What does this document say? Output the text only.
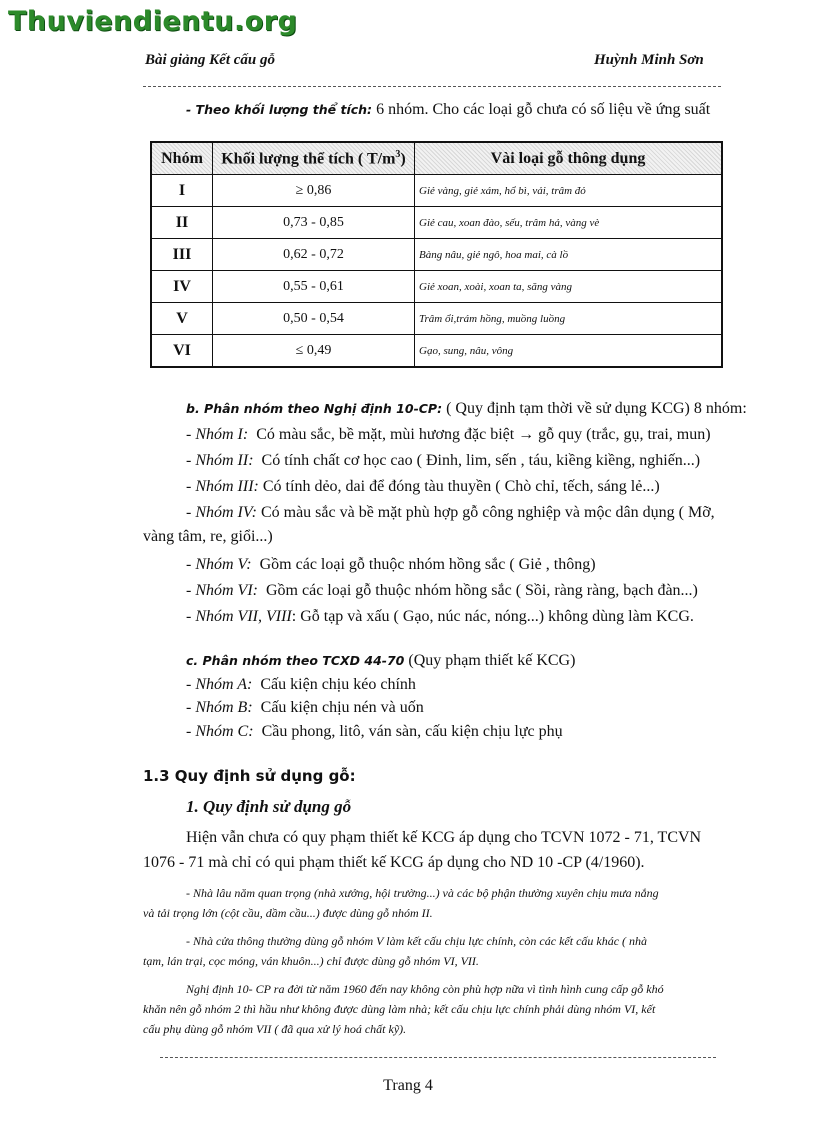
Thuviendientu.org
Bài giảng Kết cấu gỗ	Huỳnh Minh Sơn
- Theo khối lượng thể tích: 6 nhóm. Cho các loại gỗ chưa có số liệu về ứng suất
Nhóm	Khối lượng thể tích ( $T/m^3$)	Vài loại gỗ thông dụng
I	≥ 0,86	Giẻ vàng, giẻ xám, hổ bì, vải, trâm đỏ
II	0,73 - 0,85	Giẻ cau, xoan đào, sếu, trâm hả, vàng vè
III	0,62 - 0,72	Bàng nâu, giẻ ngô, hoa mai, cà lồ
IV	0,55 - 0,61	Giẻ xoan, xoài, xoan ta, săng vàng
V	0,50 - 0,54	Trâm ổi,trám hồng, muồng luồng
VI	≤ 0,49	Gạo, sung, nâu, vông
b. Phân nhóm theo Nghị định 10-CP: ( Quy định tạm thời về sử dụng KCG) 8 nhóm:
- Nhóm I: Có màu sắc, bề mặt, mùi hương đặc biệt → gỗ quy (trắc, gụ, trai, mun)
- Nhóm II: Có tính chất cơ học cao ( Đinh, lim, sến , táu, kiềng kiềng, nghiến...)
- Nhóm III: Có tính dẻo, dai để đóng tàu thuyền ( Chò chỉ, tếch, sáng lẻ...)
- Nhóm IV: Có màu sắc và bề mặt phù hợp gỗ công nghiệp và mộc dân dụng ( Mỡ,
vàng tâm, re, giổi...)
- Nhóm V: Gồm các loại gỗ thuộc nhóm hồng sắc ( Giẻ , thông)
- Nhóm VI: Gồm các loại gỗ thuộc nhóm hồng sắc ( Sồi, ràng ràng, bạch đàn...)
- Nhóm VII, VIII: Gỗ tạp và xấu ( Gạo, núc nác, nóng...) không dùng làm KCG.
c. Phân nhóm theo TCXD 44-70 (Quy phạm thiết kế KCG)
- Nhóm A: Cấu kiện chịu kéo chính
- Nhóm B: Cấu kiện chịu nén và uốn
- Nhóm C: Cầu phong, litô, ván sàn, cấu kiện chịu lực phụ
1.3 Quy định sử dụng gỗ:
1. Quy định sử dụng gỗ
Hiện vẫn chưa có quy phạm thiết kế KCG áp dụng cho TCVN 1072 - 71, TCVN
1076 - 71 mà chỉ có qui phạm thiết kế KCG áp dụng cho ND 10 -CP (4/1960).
- Nhà lâu năm quan trọng (nhà xưởng, hội trường...) và các bộ phận thường xuyên chịu mưa nắng
và tải trọng lớn (cột cầu, dầm cầu...) được dùng gỗ nhóm II.
- Nhà cửa thông thường dùng gỗ nhóm V làm kết cấu chịu lực chính, còn các kết cấu khác ( nhà
tạm, lán trại, cọc móng, ván khuôn...) chỉ được dùng gỗ nhóm VI, VII.
Nghị định 10- CP ra đời từ năm 1960 đến nay không còn phù hợp nữa vì tình hình cung cấp gỗ khó
khăn nên gỗ nhóm 2 thì hầu như không được dùng làm nhà; kết cấu chịu lực chính phải dùng nhóm VI, kết
cấu phụ dùng gỗ nhóm VII ( đã qua xử lý hoá chất kỹ).
Trang 4
